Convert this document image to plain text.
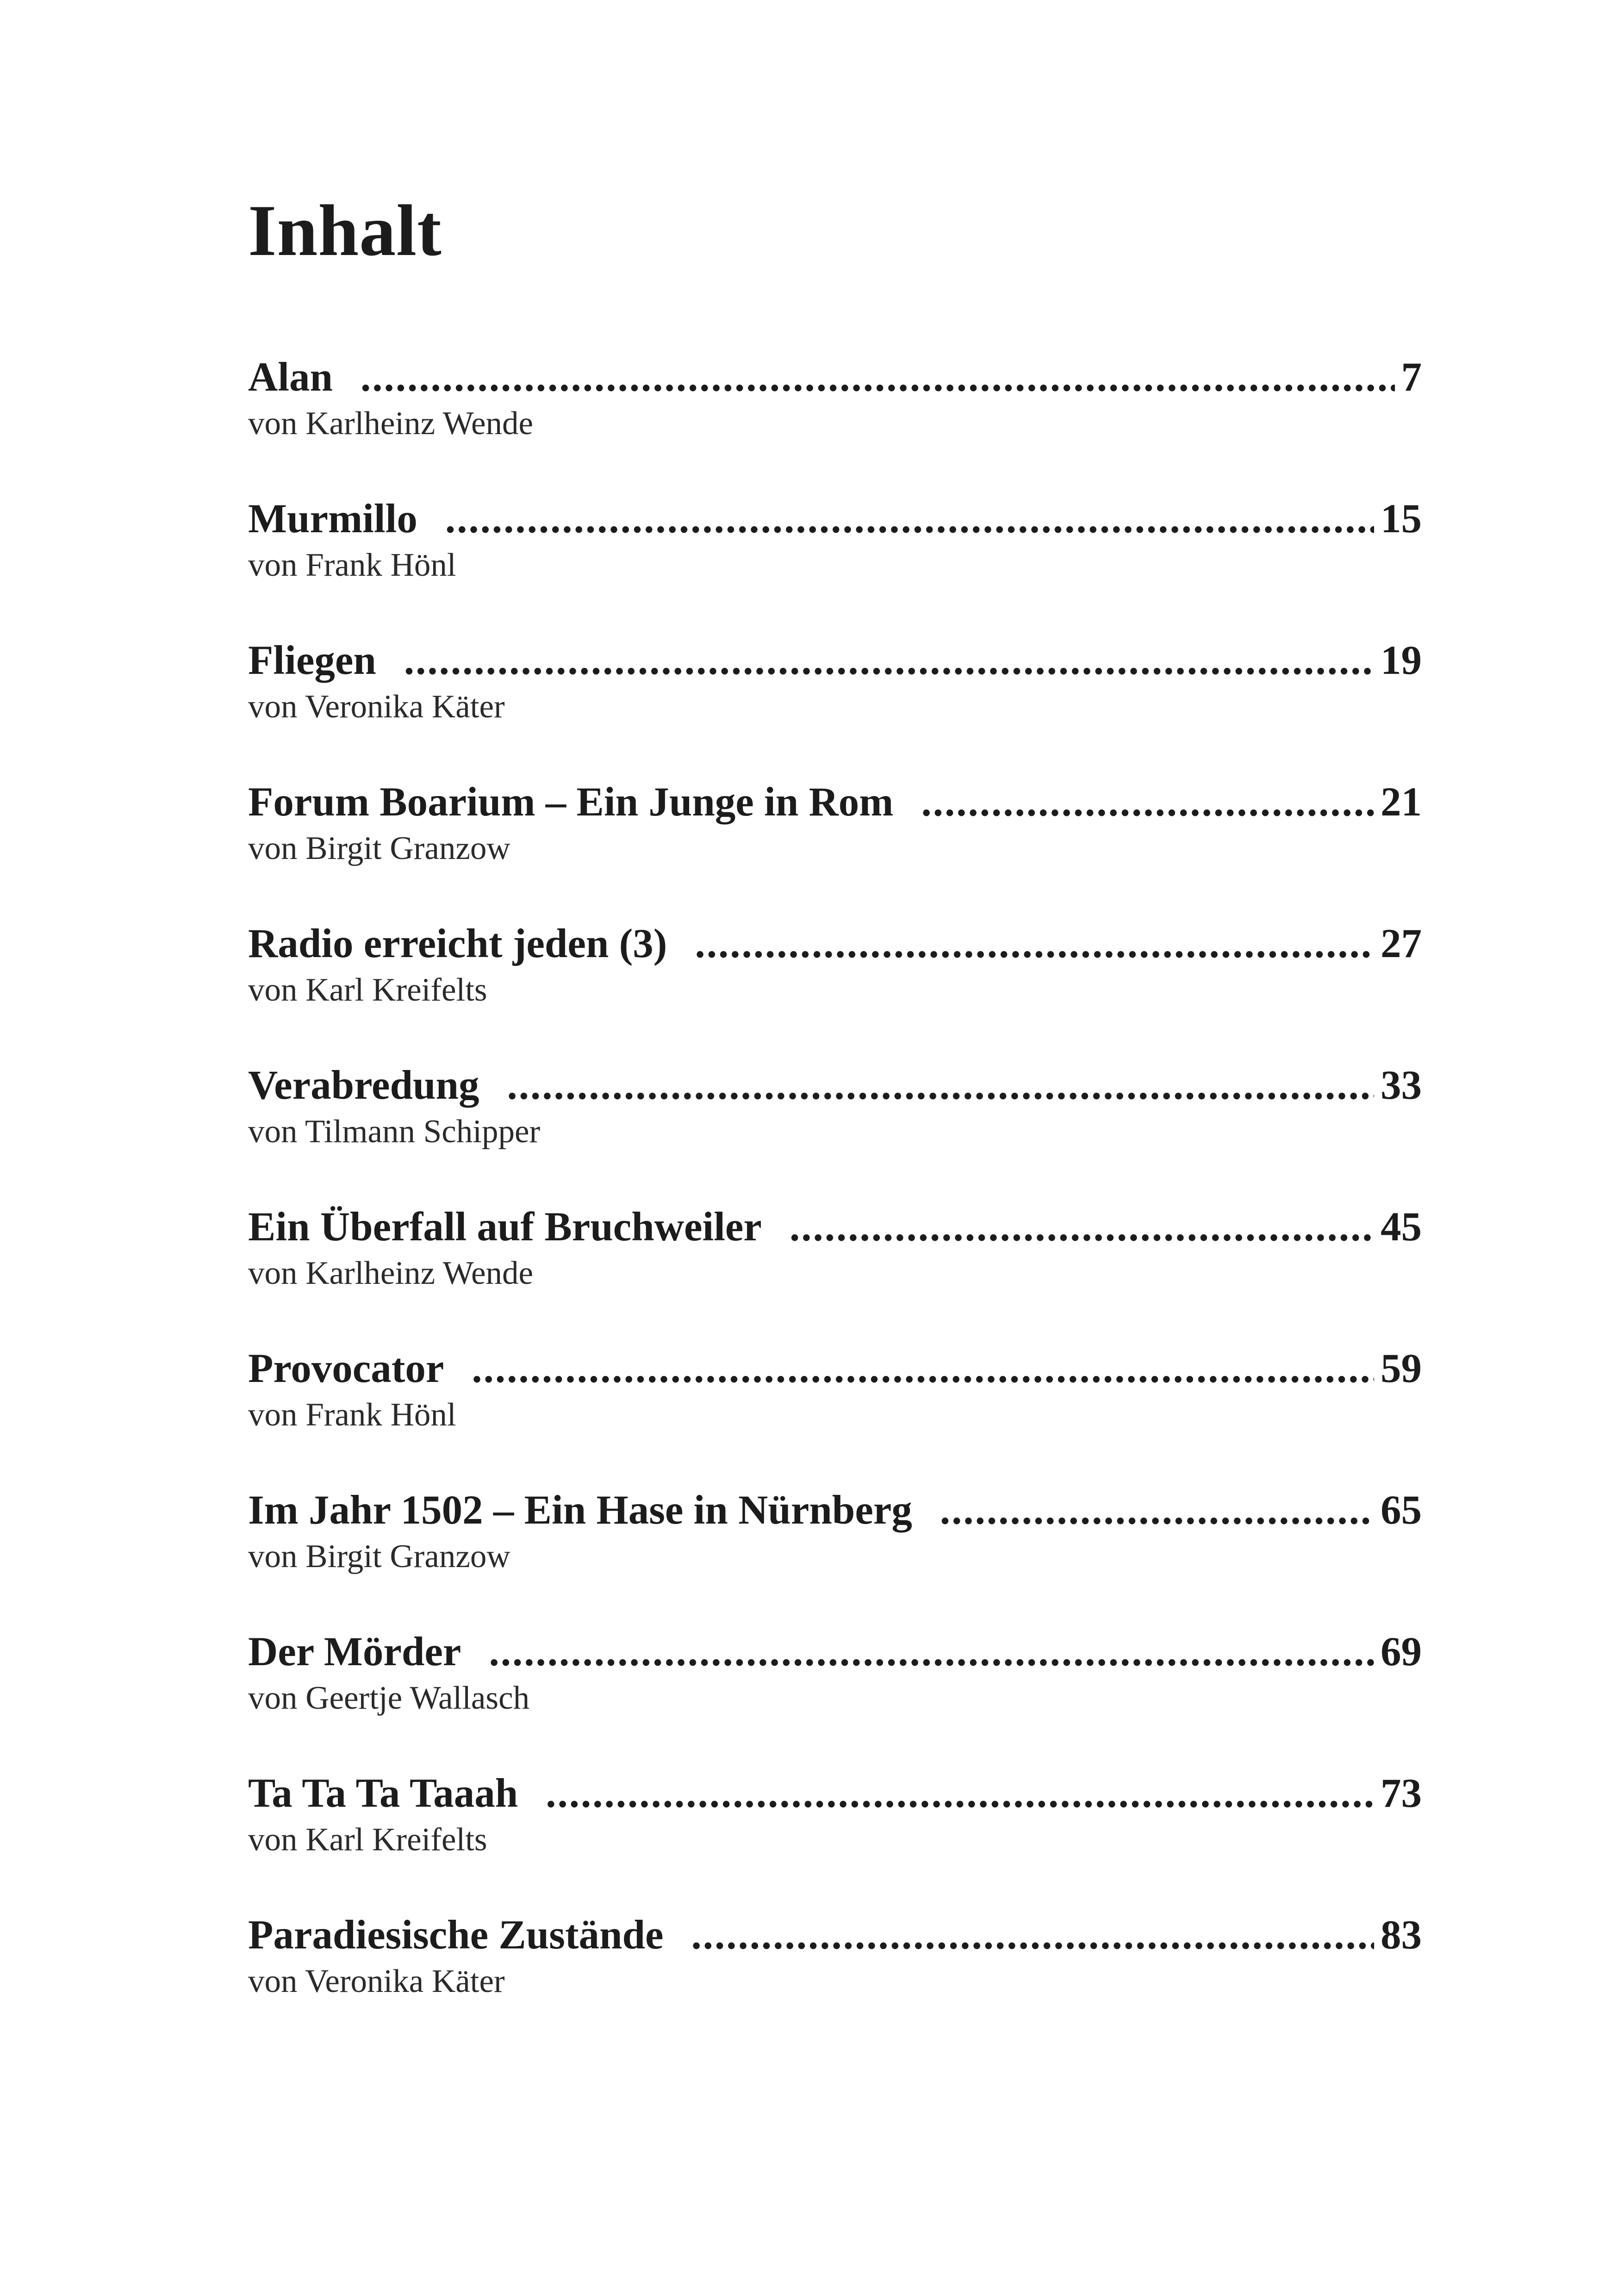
Inhalt
Alan .....	7
von Karlheinz Wende
Murmillo .....	15
von Frank Hönl
Fliegen .....	19
von Veronika Käter
Forum Boarium – Ein Junge in Rom .....	21
von Birgit Granzow
Radio erreicht jeden (3) .....	27
von Karl Kreifelts
Verabredung .....	33
von Tilmann Schipper
Ein Überfall auf Bruchweiler .....	45
von Karlheinz Wende
Provocator .....	59
von Frank Hönl
Im Jahr 1502 – Ein Hase in Nürnberg .....	65
von Birgit Granzow
Der Mörder .....	69
von Geertje Wallasch
Ta Ta Ta Taaah .....	73
von Karl Kreifelts
Paradiesische Zustände .....	83
von Veronika Käter
